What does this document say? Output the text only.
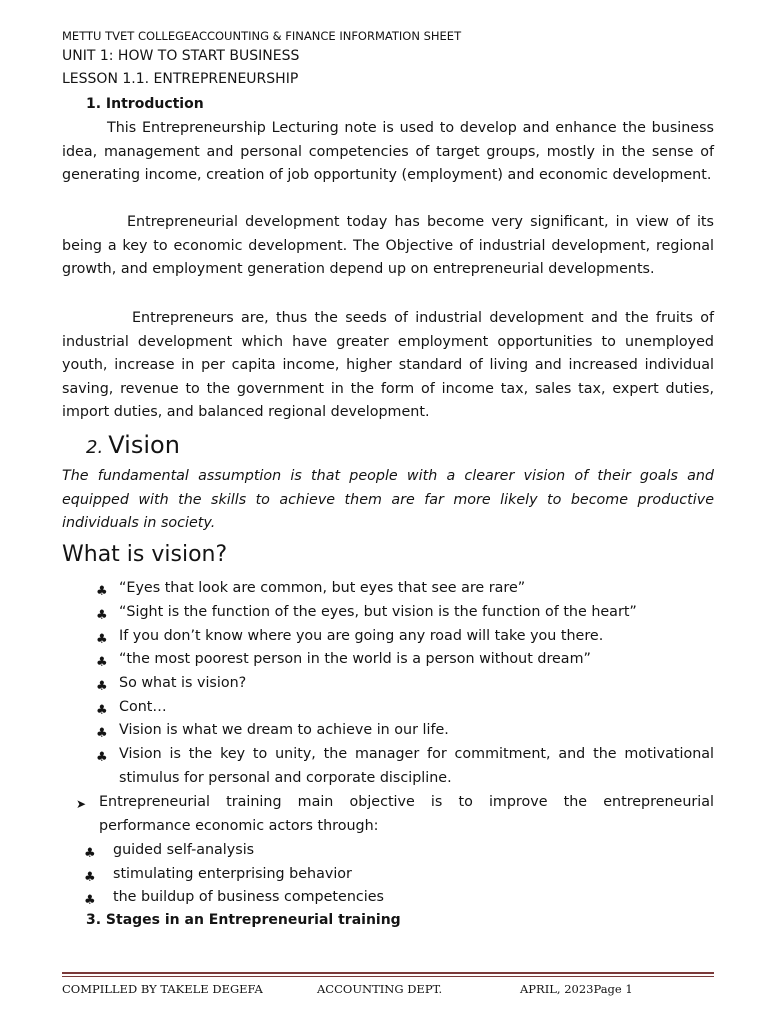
METTU TVET COLLEGEACCOUNTING & FINANCE INFORMATION SHEET
UNIT 1: HOW TO START BUSINESS
LESSON 1.1. ENTREPRENEURSHIP
1. Introduction
This Entrepreneurship Lecturing note is used to develop and enhance the business idea, management and personal competencies of target groups, mostly in the sense of generating income, creation of job opportunity (employment) and economic development.
Entrepreneurial development today has become very significant, in view of its being a key to economic development. The Objective of industrial development, regional growth, and employment generation depend up on entrepreneurial developments.
Entrepreneurs are, thus the seeds of industrial development and the fruits of industrial development which have greater employment opportunities to unemployed youth, increase in per capita income, higher standard of living and increased individual saving, revenue to the government in the form of income tax, sales tax, expert duties, import duties, and balanced regional development.
2. Vision
The fundamental assumption is that people with a clearer vision of their goals and equipped with the skills to achieve them are far more likely to become productive individuals in society.
What is vision?
♣ “Eyes that look are common, but eyes that see are rare”
♣ “Sight is the function of the eyes, but vision is the function of the heart”
♣ If you don’t know where you are going any road will take you there.
♣ “the most poorest person in the world is a person without dream”
♣ So what is vision?
♣ Cont…
♣ Vision is what we dream to achieve in our life.
♣ Vision is the key to unity, the manager for commitment, and the motivational stimulus for personal and corporate discipline.
➤ Entrepreneurial training main objective is to improve the entrepreneurial performance economic actors through:
♣ guided self-analysis
♣ stimulating enterprising behavior
♣ the buildup of business competencies
3. Stages in an Entrepreneurial training
COMPILLED BY TAKELE DEGEFA	ACCOUNTING DEPT.	APRIL, 2023Page 1
